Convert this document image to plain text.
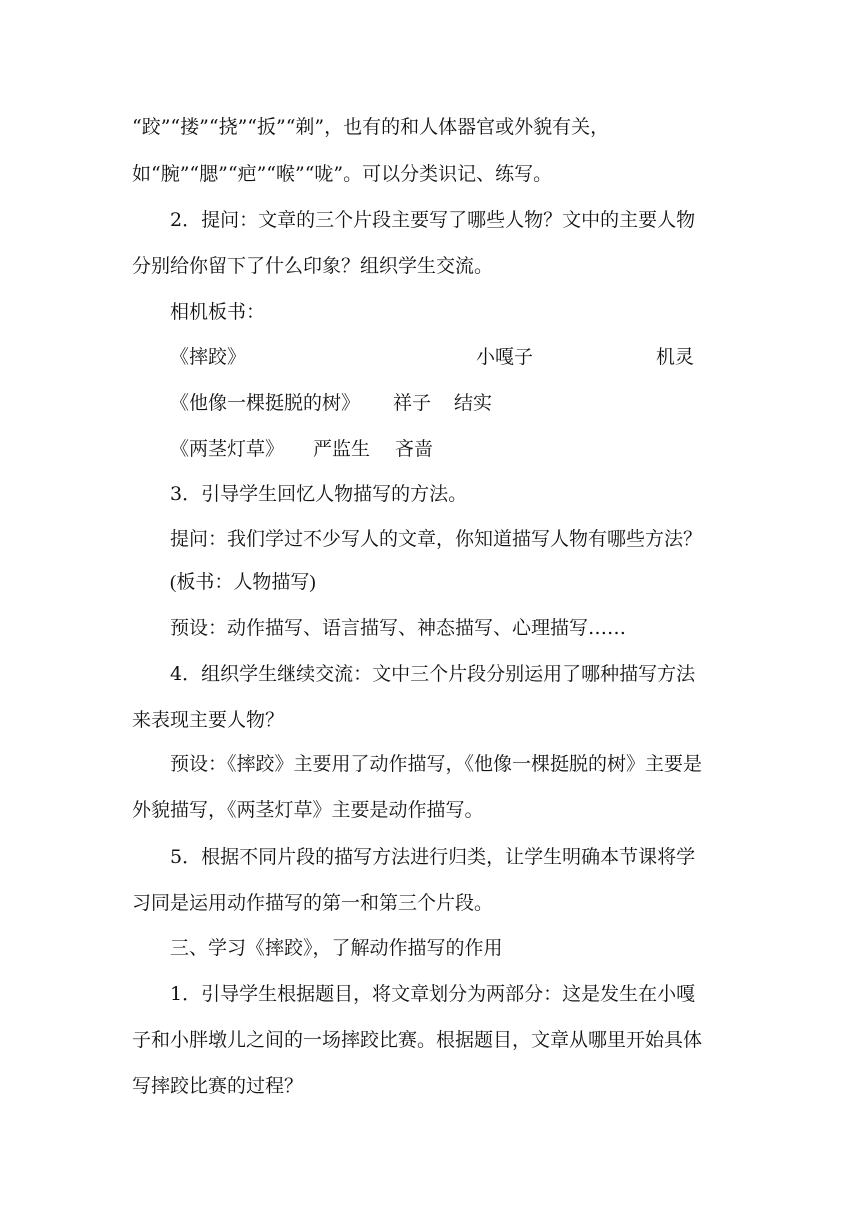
“跤”“搂”“挠”“扳”“剃”，也有的和人体器官或外貌有关，
如“腕”“腮”“疤”“喉”“咙”。可以分类识记、练写。
2．提问：文章的三个片段主要写了哪些人物？文中的主要人物
分别给你留下了什么印象？组织学生交流。
相机板书：
《摔跤》	小嘎子	机灵
《他像一棵挺脱的树》 祥子 结实
《两茎灯草》 严监生 吝啬
3．引导学生回忆人物描写的方法。
提问：我们学过不少写人的文章，你知道描写人物有哪些方法？
(板书：人物描写)
预设：动作描写、语言描写、神态描写、心理描写……
4．组织学生继续交流：文中三个片段分别运用了哪种描写方法
来表现主要人物？
预设：《摔跤》主要用了动作描写，《他像一棵挺脱的树》主要是
外貌描写，《两茎灯草》主要是动作描写。
5．根据不同片段的描写方法进行归类，让学生明确本节课将学
习同是运用动作描写的第一和第三个片段。
三、学习《摔跤》，了解动作描写的作用
1．引导学生根据题目，将文章划分为两部分：这是发生在小嘎
子和小胖墩儿之间的一场摔跤比赛。根据题目，文章从哪里开始具体
写摔跤比赛的过程？
